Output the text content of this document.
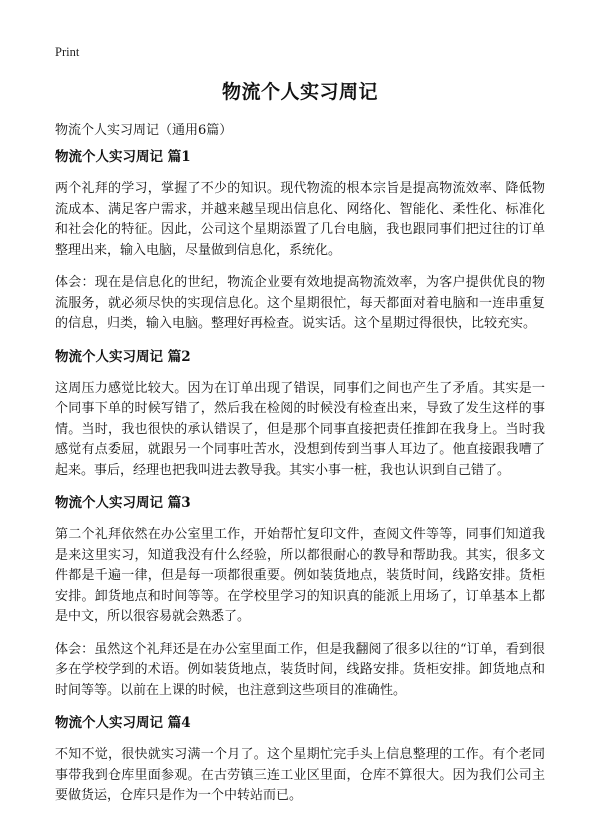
Print
物流个人实习周记
物流个人实习周记（通用6篇）
物流个人实习周记 篇1

两个礼拜的学习，掌握了不少的知识。现代物流的根本宗旨是提高物流效率、降低物流成本、满足客户需求，并越来越呈现出信息化、网络化、智能化、柔性化、标准化和社会化的特征。因此，公司这个星期添置了几台电脑，我也跟同事们把过往的订单整理出来，输入电脑，尽量做到信息化，系统化。

体会：现在是信息化的世纪，物流企业要有效地提高物流效率，为客户提供优良的物流服务，就必须尽快的实现信息化。这个星期很忙，每天都面对着电脑和一连串重复的信息，归类，输入电脑。整理好再检查。说实话。这个星期过得很快，比较充实。

物流个人实习周记 篇2

这周压力感觉比较大。因为在订单出现了错误，同事们之间也产生了矛盾。其实是一个同事下单的时候写错了，然后我在检阅的时候没有检查出来，导致了发生这样的事情。当时，我也很快的承认错误了，但是那个同事直接把责任推卸在我身上。当时我感觉有点委屈，就跟另一个同事吐苦水，没想到传到当事人耳边了。他直接跟我嘈了起来。事后，经理也把我叫进去教导我。其实小事一桩，我也认识到自己错了。

物流个人实习周记 篇3

第二个礼拜依然在办公室里工作，开始帮忙复印文件，查阅文件等等，同事们知道我是来这里实习，知道我没有什么经验，所以都很耐心的教导和帮助我。其实，很多文件都是千遍一律，但是每一项都很重要。例如装货地点，装货时间，线路安排。货柜安排。卸货地点和时间等等。在学校里学习的知识真的能派上用场了，订单基本上都是中文，所以很容易就会熟悉了。

体会：虽然这个礼拜还是在办公室里面工作，但是我翻阅了很多以往的“订单，看到很多在学校学到的术语。例如装货地点，装货时间，线路安排。货柜安排。卸货地点和时间等等。以前在上课的时候，也注意到这些项目的准确性。

物流个人实习周记 篇4

不知不觉，很快就实习满一个月了。这个星期忙完手头上信息整理的工作。有个老同事带我到仓库里面参观。在古劳镇三连工业区里面，仓库不算很大。因为我们公司主要做货运，仓库只是作为一个中转站而已。
